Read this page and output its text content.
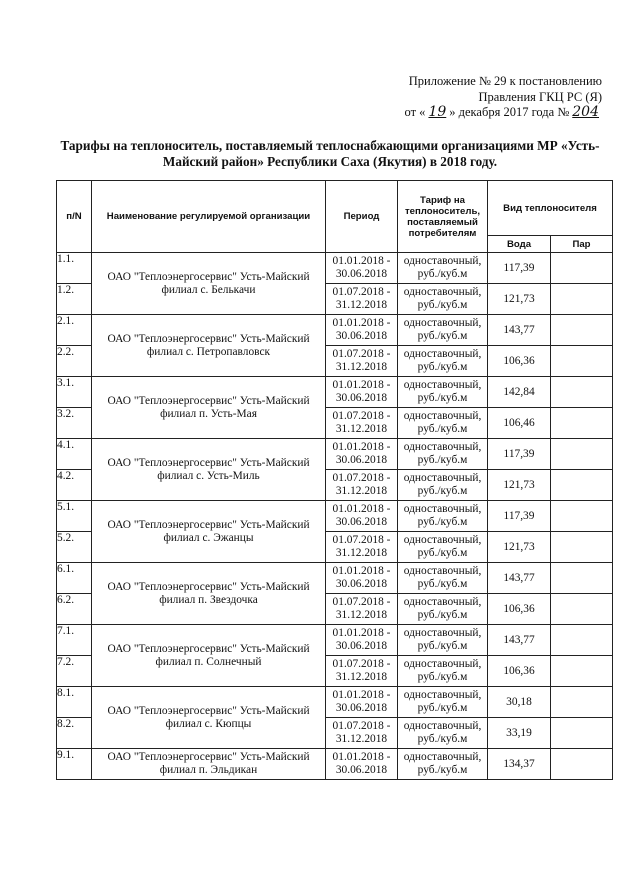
Приложение № 29 к постановлению
Правления ГКЦ РС (Я)
от « 19 » декабря 2017 года № 204
Тарифы на теплоноситель, поставляемый теплоснабжающими организациями МР «Усть-Майский район» Республики Саха (Якутия) в 2018 году.
п/N	Наименование регулируемой организации	Период	Тариф на теплоноситель, поставляемый потребителям	Вид теплоносителя	
				Вода	Пар
1.1.	ОАО "Теплоэнергосервис" Усть-Майский филиал с. Белькачи	01.01.2018 - 30.06.2018	одноставочный, руб./куб.м	117,39	
1.2.		01.07.2018 - 31.12.2018	одноставочный, руб./куб.м	121,73	
2.1.	ОАО "Теплоэнергосервис" Усть-Майский филиал с. Петропавловск	01.01.2018 - 30.06.2018	одноставочный, руб./куб.м	143,77	
2.2.		01.07.2018 - 31.12.2018	одноставочный, руб./куб.м	106,36	
3.1.	ОАО "Теплоэнергосервис" Усть-Майский филиал п. Усть-Мая	01.01.2018 - 30.06.2018	одноставочный, руб./куб.м	142,84	
3.2.		01.07.2018 - 31.12.2018	одноставочный, руб./куб.м	106,46	
4.1.	ОАО "Теплоэнергосервис" Усть-Майский филиал с. Усть-Миль	01.01.2018 - 30.06.2018	одноставочный, руб./куб.м	117,39	
4.2.		01.07.2018 - 31.12.2018	одноставочный, руб./куб.м	121,73	
5.1.	ОАО "Теплоэнергосервис" Усть-Майский филиал с. Эжанцы	01.01.2018 - 30.06.2018	одноставочный, руб./куб.м	117,39	
5.2.		01.07.2018 - 31.12.2018	одноставочный, руб./куб.м	121,73	
6.1.	ОАО "Теплоэнергосервис" Усть-Майский филиал п. Звездочка	01.01.2018 - 30.06.2018	одноставочный, руб./куб.м	143,77	
6.2.		01.07.2018 - 31.12.2018	одноставочный, руб./куб.м	106,36	
7.1.	ОАО "Теплоэнергосервис" Усть-Майский филиал п. Солнечный	01.01.2018 - 30.06.2018	одноставочный, руб./куб.м	143,77	
7.2.		01.07.2018 - 31.12.2018	одноставочный, руб./куб.м	106,36	
8.1.	ОАО "Теплоэнергосервис" Усть-Майский филиал с. Кюпцы	01.01.2018 - 30.06.2018	одноставочный, руб./куб.м	30,18	
8.2.		01.07.2018 - 31.12.2018	одноставочный, руб./куб.м	33,19	
9.1.	ОАО "Теплоэнергосервис" Усть-Майский филиал п. Эльдикан	01.01.2018 - 30.06.2018	одноставочный, руб./куб.м	134,37	
